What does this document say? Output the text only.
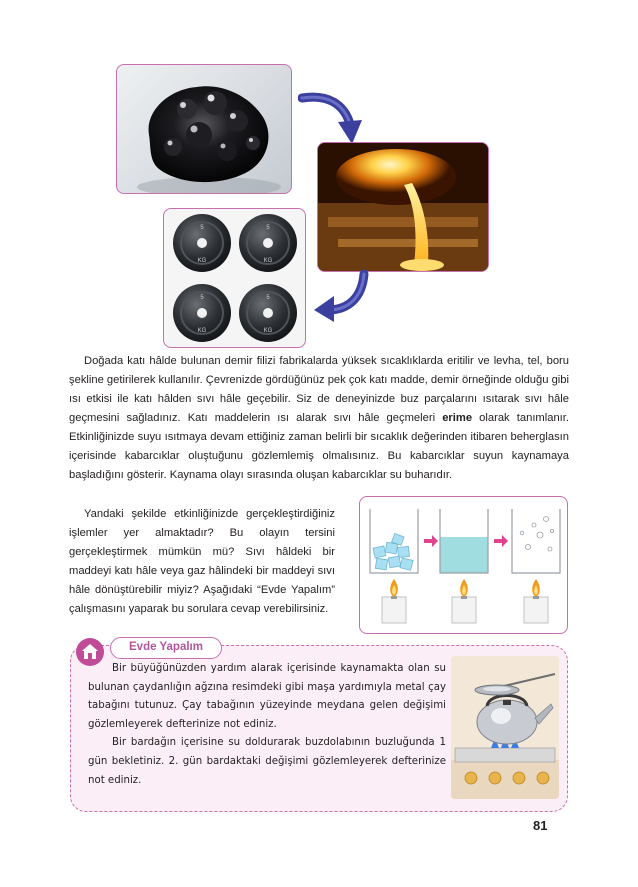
5
KG
5
KG
5
KG
5
KG

Doğada katı hâlde bulunan demir filizi fabrikalarda yüksek sıcaklıklarda eritilir ve levha, tel, boru şekline getirilerek kullanılır. Çevrenizde gördüğünüz pek çok katı madde, demir örneğinde olduğu gibi ısı etkisi ile katı hâlden sıvı hâle geçebilir. Siz de deneyinizde buz parçalarını ısıtarak sıvı hâle geçmesini sağladınız. Katı maddelerin ısı alarak sıvı hâle geçmeleri erime olarak tanımlanır. Etkinliğinizde suyu ısıtmaya devam ettiğiniz zaman belirli bir sıcaklık değerinden itibaren beherglasın içerisinde kabarcıklar oluştuğunu gözlemlemiş olmalısınız. Bu kabarcıklar suyun kaynamaya başladığını gösterir. Kaynama olayı sırasında oluşan kabarcıklar su buharıdır.

Yandaki şekilde etkinliğinizde gerçekleştirdiğiniz işlemler yer almaktadır? Bu olayın tersini gerçekleştirmek mümkün mü? Sıvı hâldeki bir maddeyi katı hâle veya gaz hâlindeki bir maddeyi sıvı hâle dönüştürebilir miyiz? Aşağıdaki “Evde Yapalım” çalışmasını yaparak bu sorulara cevap verebilirsiniz.

Evde Yapalım

Bir büyüğünüzden yardım alarak içerisinde kaynamakta olan su bulunan çaydanlığın ağzına resimdeki gibi maşa yardımıyla metal çay tabağını tutunuz. Çay tabağının yüzeyinde meydana gelen değişimi gözlemleyerek defterinize not ediniz.

Bir bardağın içerisine su doldurarak buzdolabının buzluğunda 1 gün bekletiniz. 2. gün bardaktaki değişimi gözlemleyerek defterinize not ediniz.

81
